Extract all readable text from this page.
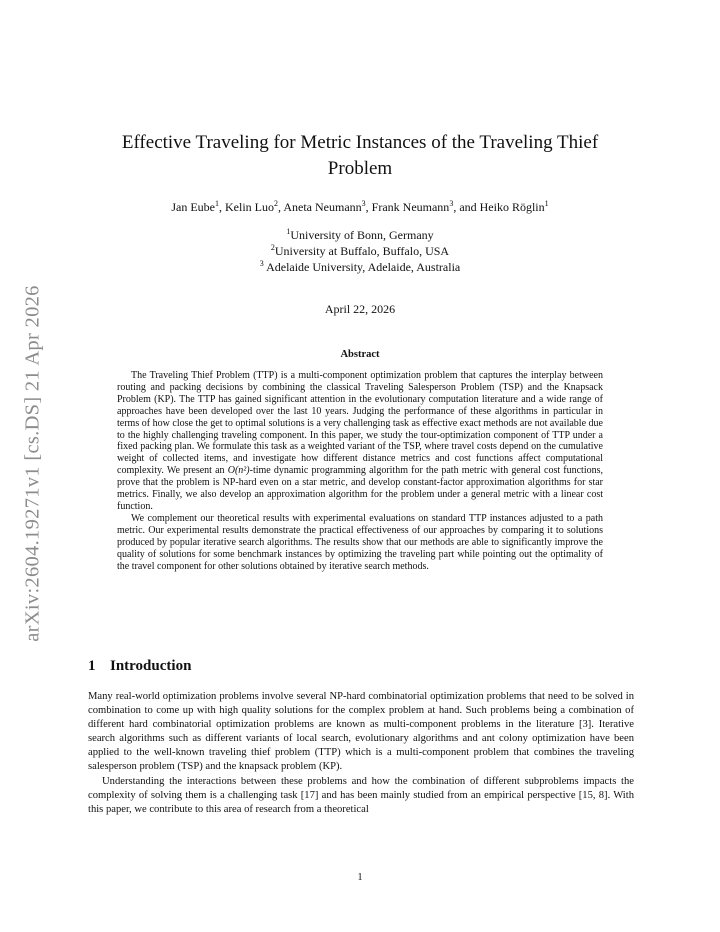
arXiv:2604.19271v1 [cs.DS] 21 Apr 2026
Effective Traveling for Metric Instances of the Traveling Thief Problem
Jan Eube$^1$, Kelin Luo$^2$, Aneta Neumann$^3$, Frank Neumann$^3$, and Heiko Röglin$^1$
$^1$University of Bonn, Germany
$^2$University at Buffalo, Buffalo, USA
$^3$ Adelaide University, Adelaide, Australia
April 22, 2026
Abstract

The Traveling Thief Problem (TTP) is a multi-component optimization problem that captures the interplay between routing and packing decisions by combining the classical Traveling Salesperson Problem (TSP) and the Knapsack Problem (KP). The TTP has gained significant attention in the evolutionary computation literature and a wide range of approaches have been developed over the last 10 years. Judging the performance of these algorithms in particular in terms of how close the get to optimal solutions is a very challenging task as effective exact methods are not available due to the highly challenging traveling component. In this paper, we study the tour-optimization component of TTP under a fixed packing plan. We formulate this task as a weighted variant of the TSP, where travel costs depend on the cumulative weight of collected items, and investigate how different distance metrics and cost functions affect computational complexity. We present an O(n²)-time dynamic programming algorithm for the path metric with general cost functions, prove that the problem is NP-hard even on a star metric, and develop constant-factor approximation algorithms for star metrics. Finally, we also develop an approximation algorithm for the problem under a general metric with a linear cost function.

We complement our theoretical results with experimental evaluations on standard TTP instances adjusted to a path metric. Our experimental results demonstrate the practical effectiveness of our approaches by comparing it to solutions produced by popular iterative search algorithms. The results show that our methods are able to significantly improve the quality of solutions for some benchmark instances by optimizing the traveling part while pointing out the optimality of the travel component for other solutions obtained by iterative search methods.

1 Introduction

Many real-world optimization problems involve several NP-hard combinatorial optimization problems that need to be solved in combination to come up with high quality solutions for the complex problem at hand. Such problems being a combination of different hard combinatorial optimization problems are known as multi-component problems in the literature [3]. Iterative search algorithms such as different variants of local search, evolutionary algorithms and ant colony optimization have been applied to the well-known traveling thief problem (TTP) which is a multi-component problem that combines the traveling salesperson problem (TSP) and the knapsack problem (KP).

Understanding the interactions between these problems and how the combination of different subproblems impacts the complexity of solving them is a challenging task [17] and has been mainly studied from an empirical perspective [15, 8]. With this paper, we contribute to this area of research from a theoretical

1
